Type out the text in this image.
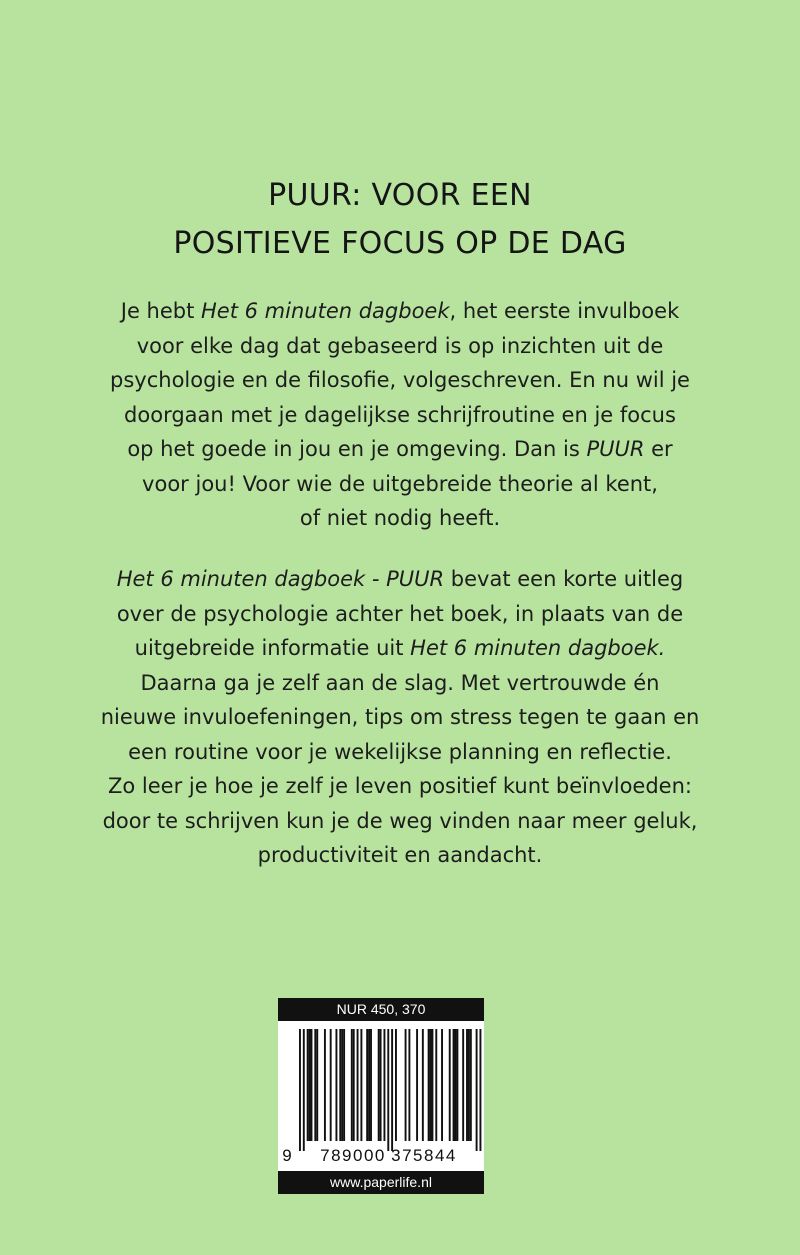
PUUR: VOOR EEN
POSITIEVE FOCUS OP DE DAG

Je hebt Het 6 minuten dagboek, het eerste invulboek
voor elke dag dat gebaseerd is op inzichten uit de
psychologie en de filosofie, volgeschreven. En nu wil je
doorgaan met je dagelijkse schrijfroutine en je focus
op het goede in jou en je omgeving. Dan is PUUR er
voor jou! Voor wie de uitgebreide theorie al kent,
of niet nodig heeft.

Het 6 minuten dagboek - PUUR bevat een korte uitleg
over de psychologie achter het boek, in plaats van de
uitgebreide informatie uit Het 6 minuten dagboek.
Daarna ga je zelf aan de slag. Met vertrouwde én
nieuwe invuloefeningen, tips om stress tegen te gaan en
een routine voor je wekelijkse planning en reflectie.
Zo leer je hoe je zelf je leven positief kunt beïnvloeden:
door te schrijven kun je de weg vinden naar meer geluk,
productiviteit en aandacht.

NUR 450, 370
9 789000 375844
www.paperlife.nl
